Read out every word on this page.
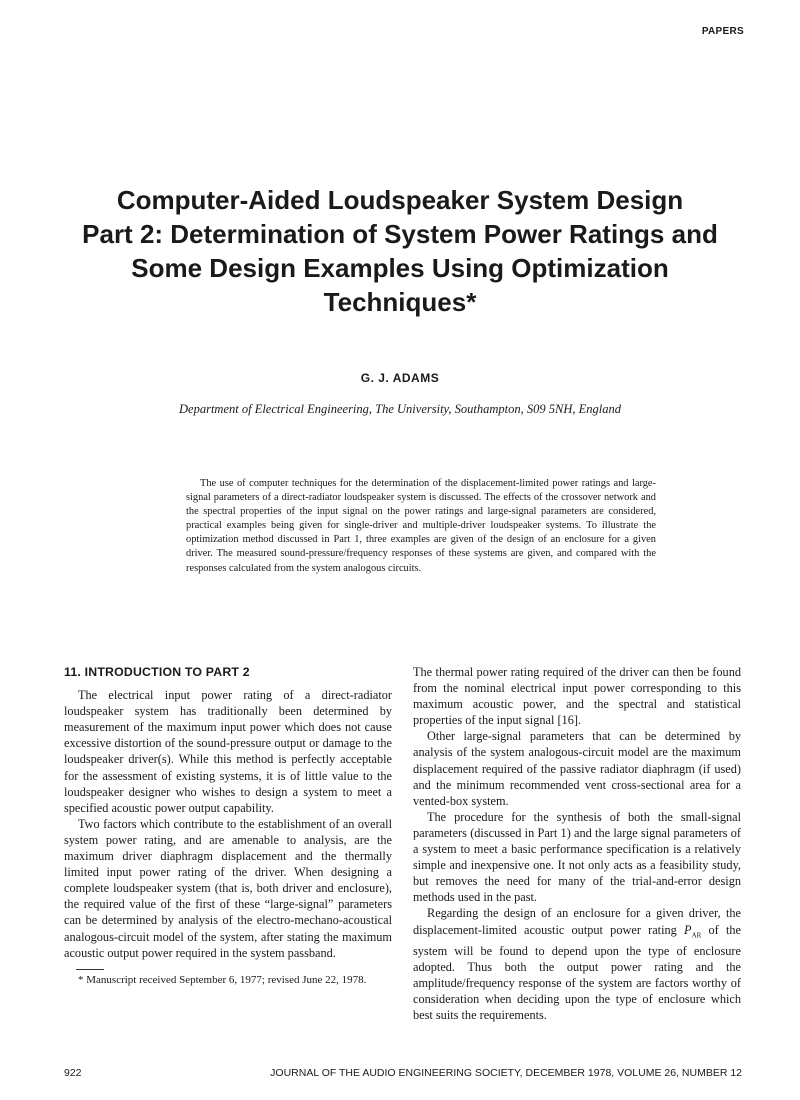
PAPERS
Computer-Aided Loudspeaker System Design
Part 2: Determination of System Power Ratings and
Some Design Examples Using Optimization
Techniques*
G. J. ADAMS
Department of Electrical Engineering, The University, Southampton, S09 5NH, England

The use of computer techniques for the determination of the displacement-limited power ratings and large-signal parameters of a direct-radiator loudspeaker system is discussed. The effects of the crossover network and the spectral properties of the input signal on the power ratings and large-signal parameters are considered, practical examples being given for single-driver and multiple-driver loudspeaker systems. To illustrate the optimization method discussed in Part 1, three examples are given of the design of an enclosure for a given driver. The measured sound-pressure/frequency responses of these systems are given, and compared with the responses calculated from the system analogous circuits.

11. INTRODUCTION TO PART 2

The electrical input power rating of a direct-radiator loudspeaker system has traditionally been determined by measurement of the maximum input power which does not cause excessive distortion of the sound-pressure output or damage to the loudspeaker driver(s). While this method is perfectly acceptable for the assessment of existing systems, it is of little value to the loudspeaker designer who wishes to design a system to meet a specified acoustic power output capability.

Two factors which contribute to the establishment of an overall system power rating, and are amenable to analysis, are the maximum driver diaphragm displacement and the thermally limited input power rating of the driver. When designing a complete loudspeaker system (that is, both driver and enclosure), the required value of the first of these “large-signal” parameters can be determined by analysis of the electro-mechano-acoustical analogous-circuit model of the system, after stating the maximum acoustic output power required in the system passband.

* Manuscript received September 6, 1977; revised June 22, 1978.

The thermal power rating required of the driver can then be found from the nominal electrical input power corresponding to this maximum acoustic power, and the spectral and statistical properties of the input signal [16].

Other large-signal parameters that can be determined by analysis of the system analogous-circuit model are the maximum displacement required of the passive radiator diaphragm (if used) and the minimum recommended vent cross-sectional area for a vented-box system.

The procedure for the synthesis of both the small-signal parameters (discussed in Part 1) and the large signal parameters of a system to meet a basic performance specification is a relatively simple and inexpensive one. It not only acts as a feasibility study, but removes the need for many of the trial-and-error design methods used in the past.

Regarding the design of an enclosure for a given driver, the displacement-limited acoustic output power rating $P_{AR}$ of the system will be found to depend upon the type of enclosure adopted. Thus both the output power rating and the amplitude/frequency response of the system are factors worthy of consideration when deciding upon the type of enclosure which best suits the requirements.

922	JOURNAL OF THE AUDIO ENGINEERING SOCIETY, DECEMBER 1978, VOLUME 26, NUMBER 12
